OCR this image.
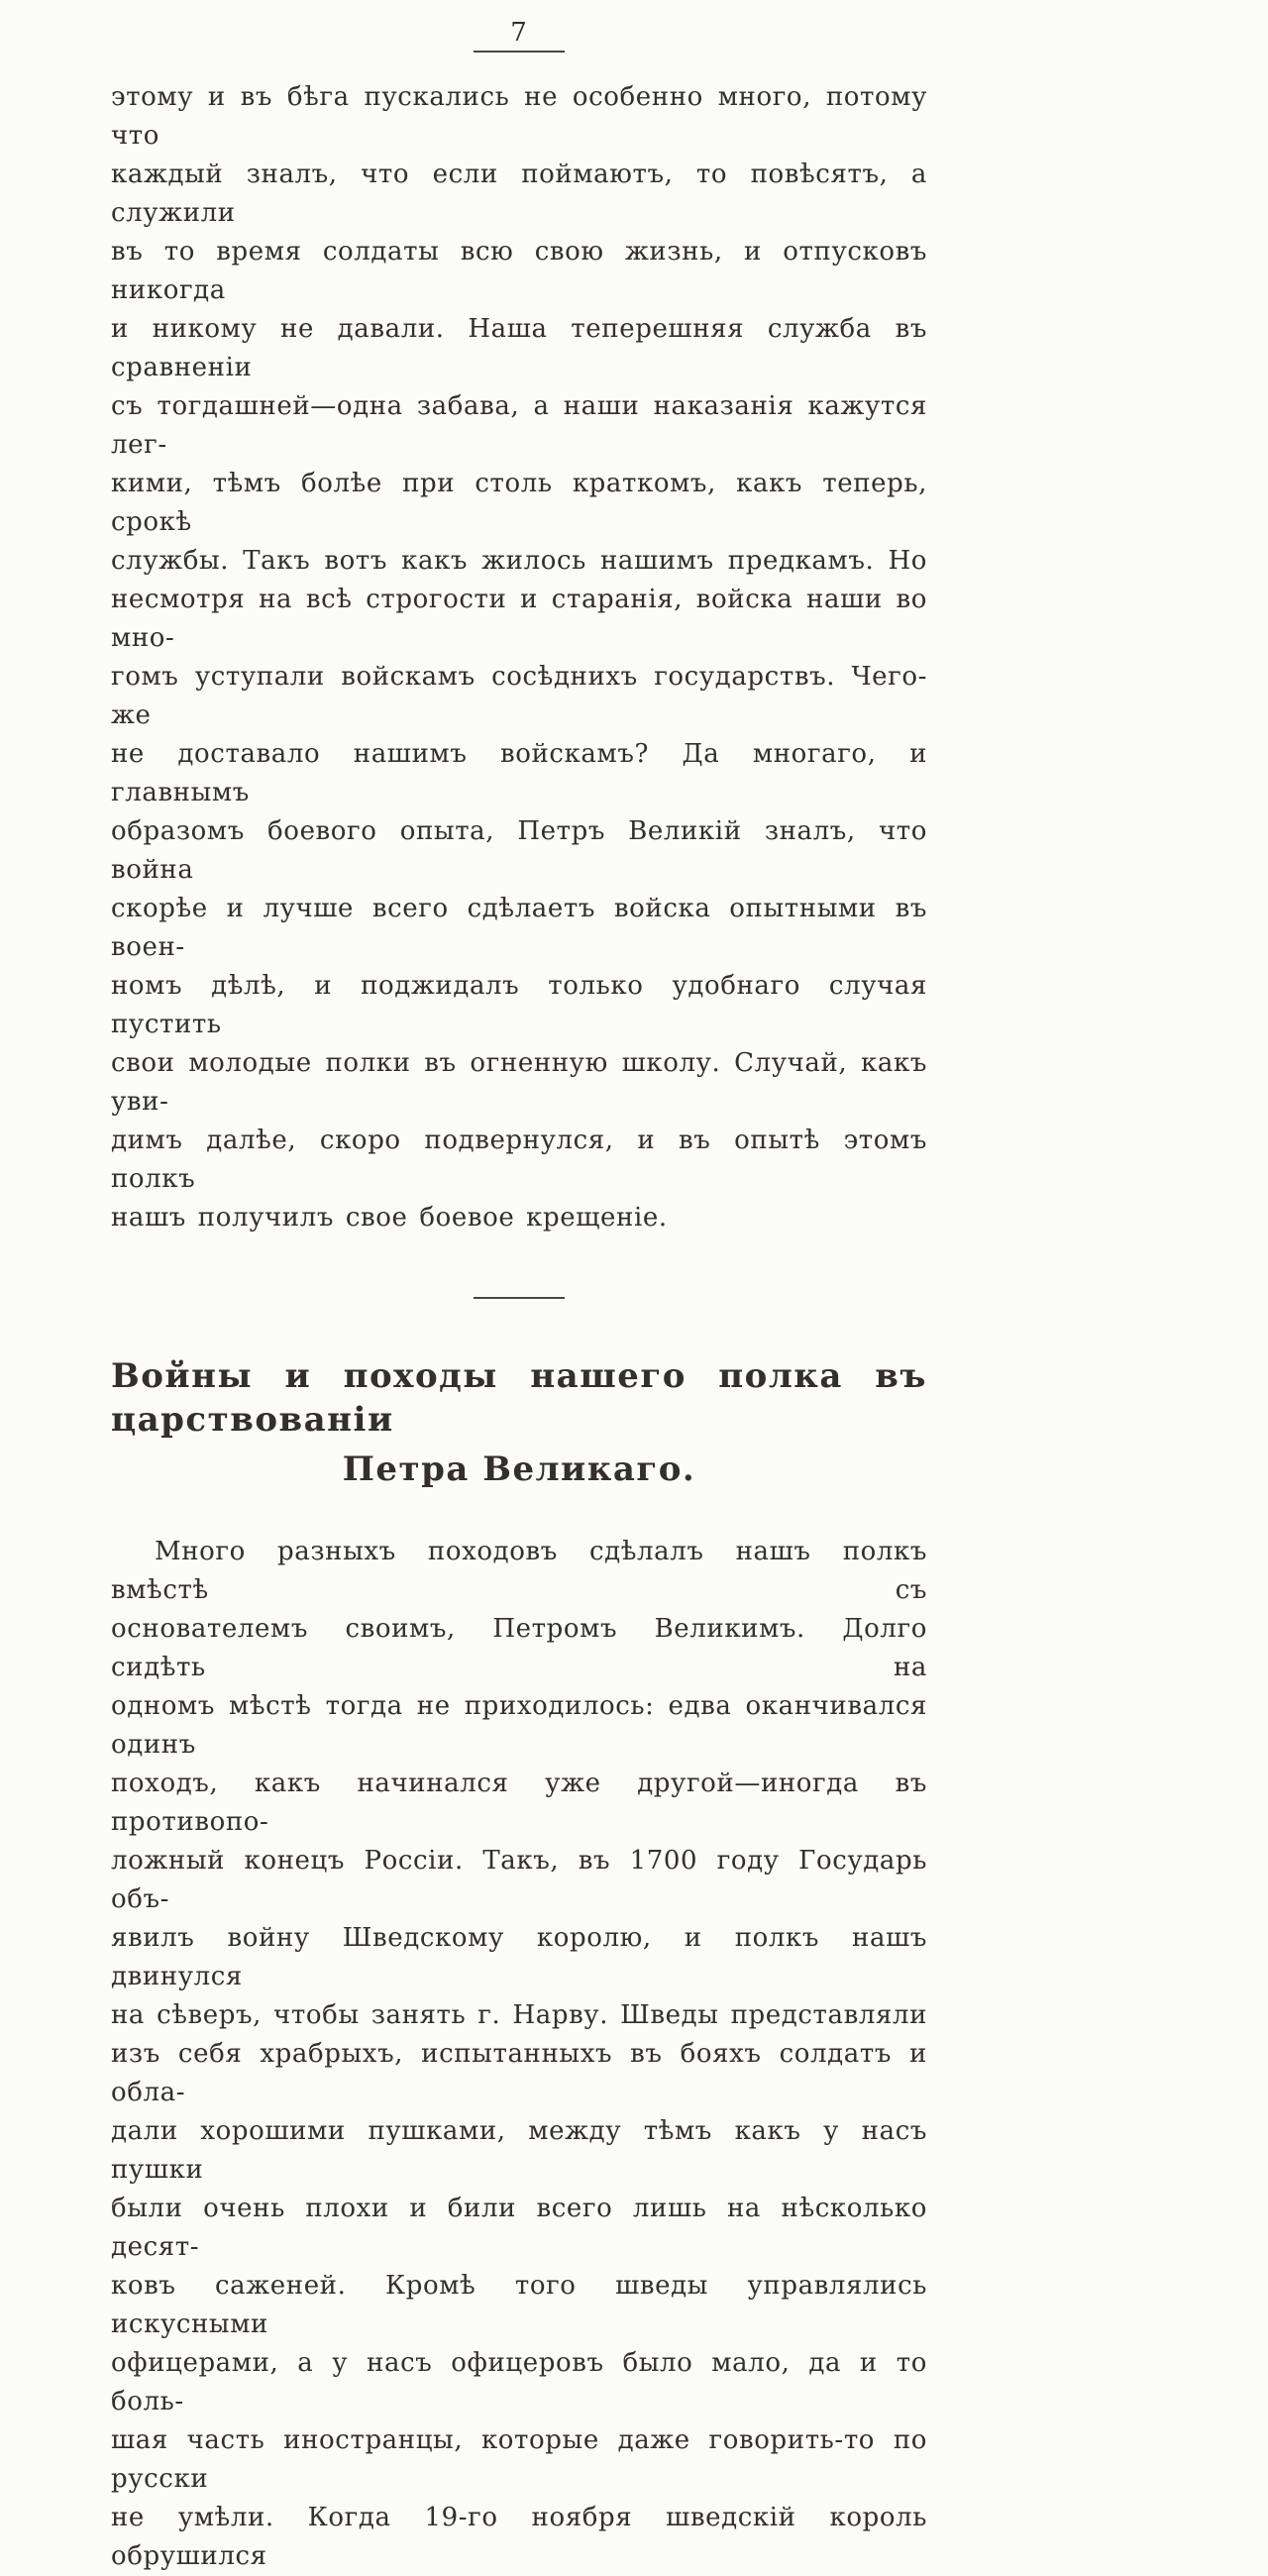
7
этому и въ бѣга пускались не особенно много, потому что
каждый зналъ, что если поймаютъ, то повѣсятъ, а служили
въ то время солдаты всю свою жизнь, и отпусковъ никогда
и никому не давали. Наша теперешняя служба въ сравненіи
съ тогдашней—одна забава, а наши наказанія кажутся лег-
кими, тѣмъ болѣе при столь краткомъ, какъ теперь, срокѣ
службы. Такъ вотъ какъ жилось нашимъ предкамъ. Но
несмотря на всѣ строгости и старанія, войска наши во мно-
гомъ уступали войскамъ сосѣднихъ государствъ. Чего-же
не доставало нашимъ войскамъ? Да многаго, и главнымъ
образомъ боевого опыта, Петръ Великій зналъ, что война
скорѣе и лучше всего сдѣлаетъ войска опытными въ воен-
номъ дѣлѣ, и поджидалъ только удобнаго случая пустить
свои молодые полки въ огненную школу. Случай, какъ уви-
димъ далѣе, скоро подвернулся, и въ опытѣ этомъ полкъ
нашъ получилъ свое боевое крещеніе.
Войны и походы нашего полка въ царствованіи
Петра Великаго.
Много разныхъ походовъ сдѣлалъ нашъ полкъ вмѣстѣ съ
основателемъ своимъ, Петромъ Великимъ. Долго сидѣть на
одномъ мѣстѣ тогда не приходилось: едва оканчивался одинъ
походъ, какъ начинался уже другой—иногда въ противопо-
ложный конецъ Россіи. Такъ, въ 1700 году Государь объ-
явилъ войну Шведскому королю, и полкъ нашъ двинулся
на сѣверъ, чтобы занять г. Нарву. Шведы представляли
изъ себя храбрыхъ, испытанныхъ въ бояхъ солдатъ и обла-
дали хорошими пушками, между тѣмъ какъ у насъ пушки
были очень плохи и били всего лишь на нѣсколько десят-
ковъ саженей. Кромѣ того шведы управлялись искусными
офицерами, а у насъ офицеровъ было мало, да и то боль-
шая часть иностранцы, которые даже говорить-то по русски
не умѣли. Когда 19-го ноября шведскій король обрушился
